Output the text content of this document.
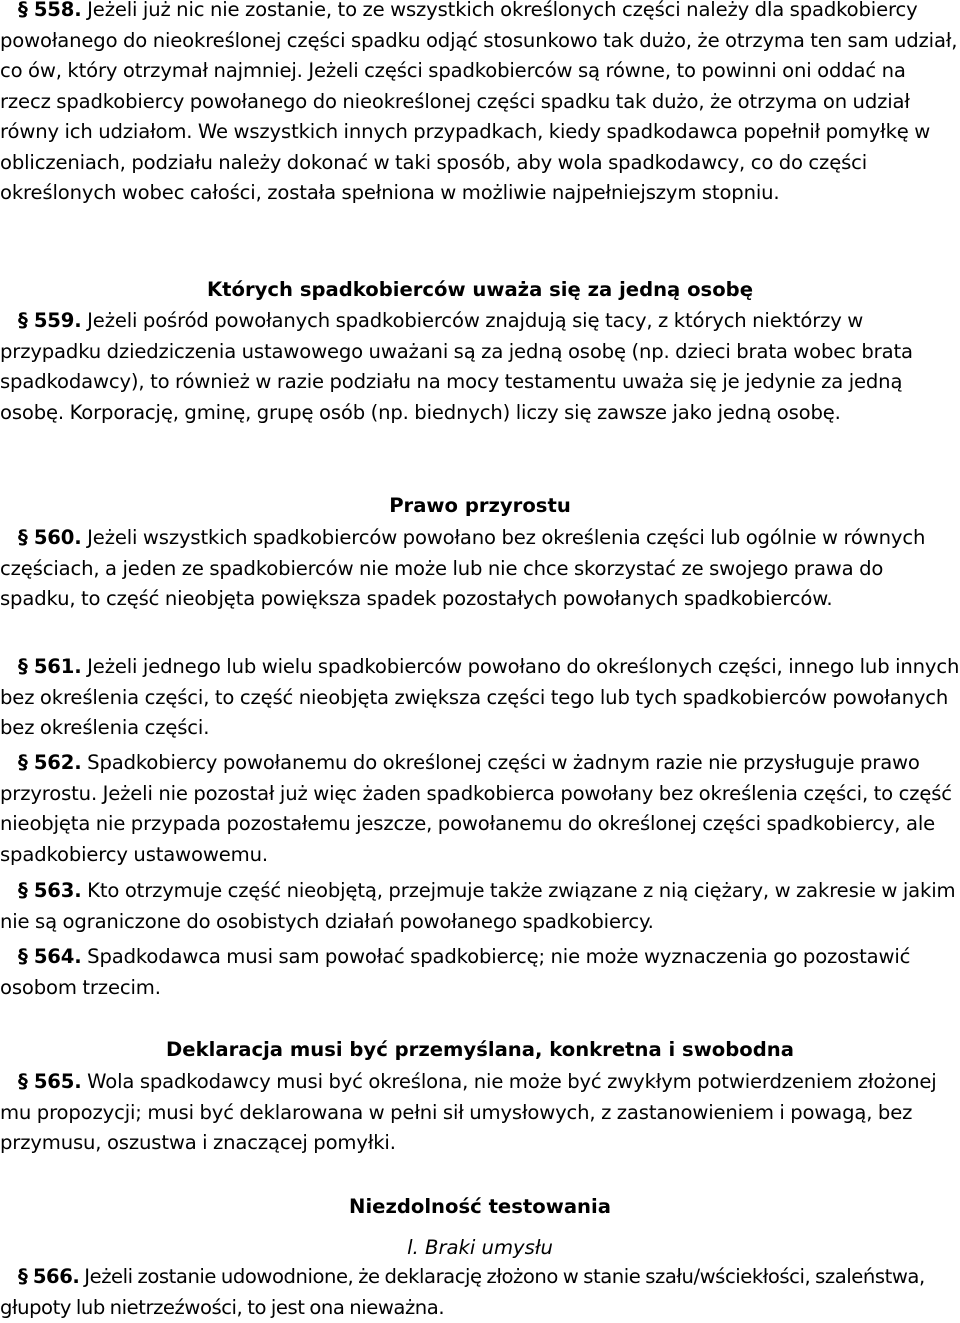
§ 558. Jeżeli już nic nie zostanie, to ze wszystkich określonych części należy dla spadkobiercy powołanego do nieokreślonej części spadku odjąć stosunkowo tak dużo, że otrzyma ten sam udział, co ów, który otrzymał najmniej. Jeżeli części spadkobierców są równe, to powinni oni oddać na rzecz spadkobiercy powołanego do nieokreślonej części spadku tak dużo, że otrzyma on udział równy ich udziałom. We wszystkich innych przypadkach, kiedy spadkodawca popełnił pomyłkę w obliczeniach, podziału należy dokonać w taki sposób, aby wola spadkodawcy, co do części określonych wobec całości, została spełniona w możliwie najpełniejszym stopniu.

Których spadkobierców uważa się za jedną osobę

§ 559. Jeżeli pośród powołanych spadkobierców znajdują się tacy, z których niektórzy w przypadku dziedziczenia ustawowego uważani są za jedną osobę (np. dzieci brata wobec brata spadkodawcy), to również w razie podziału na mocy testamentu uważa się je jedynie za jedną osobę. Korporację, gminę, grupę osób (np. biednych) liczy się zawsze jako jedną osobę.

Prawo przyrostu

§ 560. Jeżeli wszystkich spadkobierców powołano bez określenia części lub ogólnie w równych częściach, a jeden ze spadkobierców nie może lub nie chce skorzystać ze swojego prawa do spadku, to część nieobjęta powiększa spadek pozostałych powołanych spadkobierców.

§ 561. Jeżeli jednego lub wielu spadkobierców powołano do określonych części, innego lub innych bez określenia części, to część nieobjęta zwiększa części tego lub tych spadkobierców powołanych bez określenia części.

§ 562. Spadkobiercy powołanemu do określonej części w żadnym razie nie przysługuje prawo przyrostu. Jeżeli nie pozostał już więc żaden spadkobierca powołany bez określenia części, to część nieobjęta nie przypada pozostałemu jeszcze, powołanemu do określonej części spadkobiercy, ale spadkobiercy ustawowemu.

§ 563. Kto otrzymuje część nieobjętą, przejmuje także związane z nią ciężary, w zakresie w jakim nie są ograniczone do osobistych działań powołanego spadkobiercy.

§ 564. Spadkodawca musi sam powołać spadkobiercę; nie może wyznaczenia go pozostawić osobom trzecim.

Deklaracja musi być przemyślana, konkretna i swobodna

§ 565. Wola spadkodawcy musi być określona, nie może być zwykłym potwierdzeniem złożonej mu propozycji; musi być deklarowana w pełni sił umysłowych, z zastanowieniem i powagą, bez przymusu, oszustwa i znaczącej pomyłki.

Niezdolność testowania
l. Braki umysłu

§ 566. Jeżeli zostanie udowodnione, że deklarację złożono w stanie szału/wściekłości, szaleństwa, głupoty lub nietrzeźwości, to jest ona nieważna.
